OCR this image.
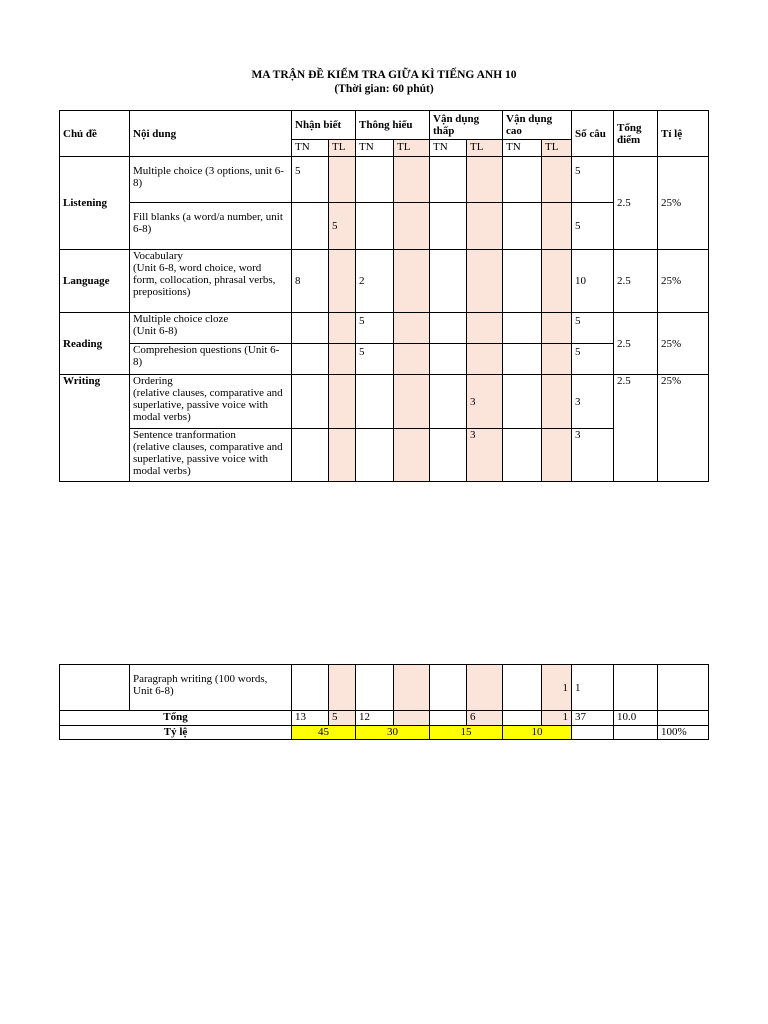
MA TRẬN ĐỀ KIỂM TRA GIỮA KÌ TIẾNG ANH 10
(Thời gian: 60 phút)
Chủ đề	Nội dung	Nhận biết		Thông hiểu		Vận dụng thấp		Vận dụng cao		Số câu	Tổng điểm	Tỉ lệ
		TN	TL	TN	TL	TN	TL	TN	TL			
Listening	Multiple choice (3 options, unit 6-8)	5								5	2.5	25%
	Fill blanks (a word/a number, unit 6-8)		5							5		
Language	Vocabulary
(Unit 6-8, word choice, word form, collocation, phrasal verbs, prepositions)	8		2						10	2.5	25%
Reading	Multiple choice cloze
(Unit 6-8)			5						5	2.5	25%
	Comprehesion questions (Unit 6-8)			5						5		
Writing	Ordering
(relative clauses, comparative and superlative, passive voice with modal verbs)						3			3	2.5	25%
	Sentence tranformation
(relative clauses, comparative and superlative, passive voice with modal verbs)						3			3		
	Paragraph writing (100 words, Unit 6-8)								1	1		
Tổng		13	5	12			6		1	37	10.0	
Tỷ lệ		45		30		15		10				100%
